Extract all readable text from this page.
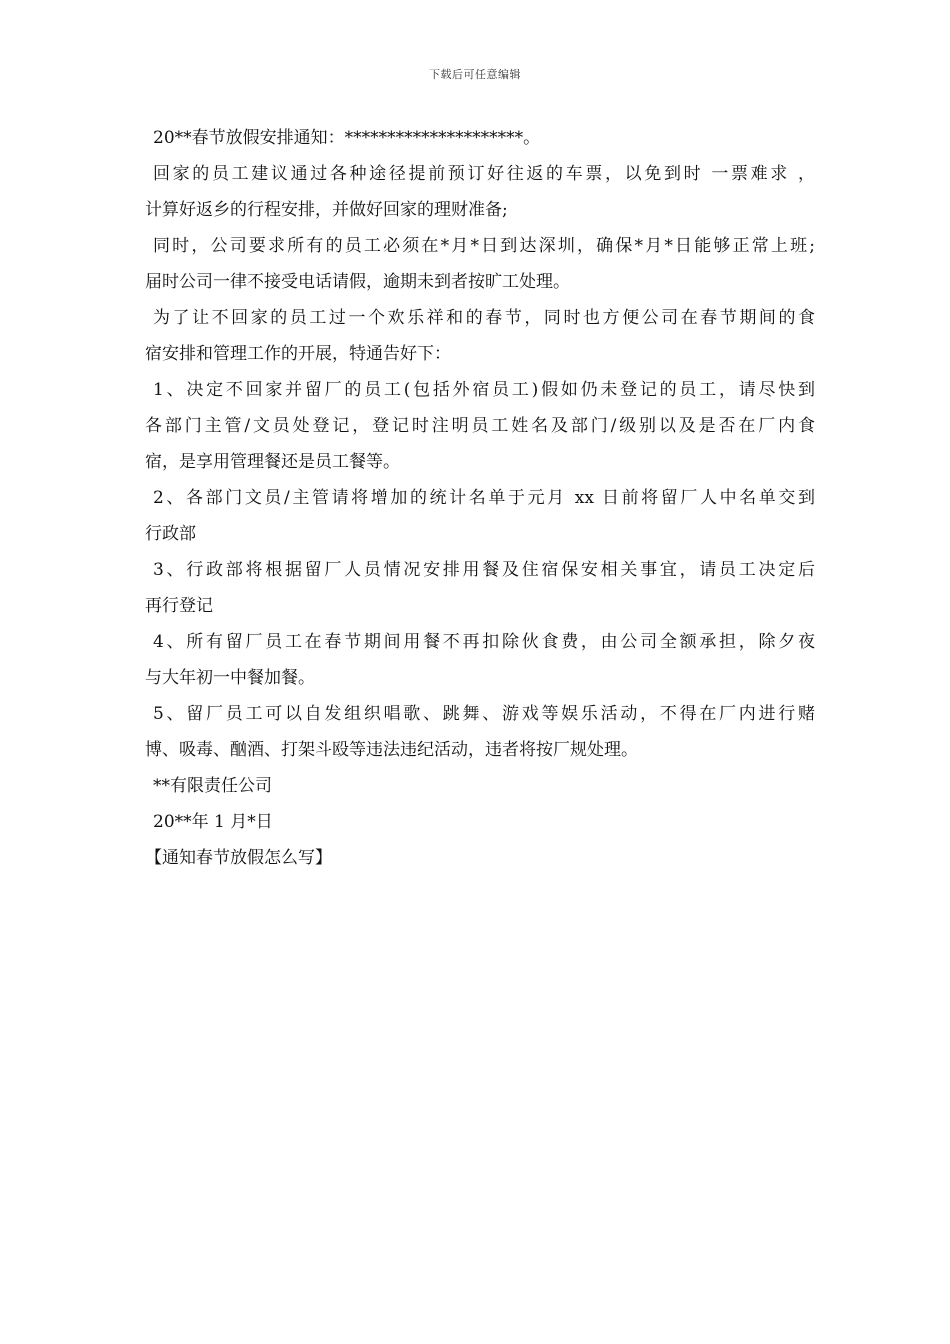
下载后可任意编辑
20**春节放假安排通知：*********************。
回家的员工建议通过各种途径提前预订好往返的车票，以免到时 一票难求 ，
计算好返乡的行程安排，并做好回家的理财准备;
同时，公司要求所有的员工必须在*月*日到达深圳，确保*月*日能够正常上班;
届时公司一律不接受电话请假，逾期未到者按旷工处理。
为了让不回家的员工过一个欢乐祥和的春节，同时也方便公司在春节期间的食
宿安排和管理工作的开展，特通告好下：
1、决定不回家并留厂的员工(包括外宿员工)假如仍未登记的员工，请尽快到
各部门主管/文员处登记，登记时注明员工姓名及部门/级别以及是否在厂内食
宿，是享用管理餐还是员工餐等。
2、各部门文员/主管请将增加的统计名单于元月 xx 日前将留厂人中名单交到
行政部
3、行政部将根据留厂人员情况安排用餐及住宿保安相关事宜，请员工决定后
再行登记
4、所有留厂员工在春节期间用餐不再扣除伙食费，由公司全额承担，除夕夜
与大年初一中餐加餐。
5、留厂员工可以自发组织唱歌、跳舞、游戏等娱乐活动，不得在厂内进行赌
博、吸毒、酗酒、打架斗殴等违法违纪活动，违者将按厂规处理。
**有限责任公司
20**年 1 月*日
【通知春节放假怎么写】
